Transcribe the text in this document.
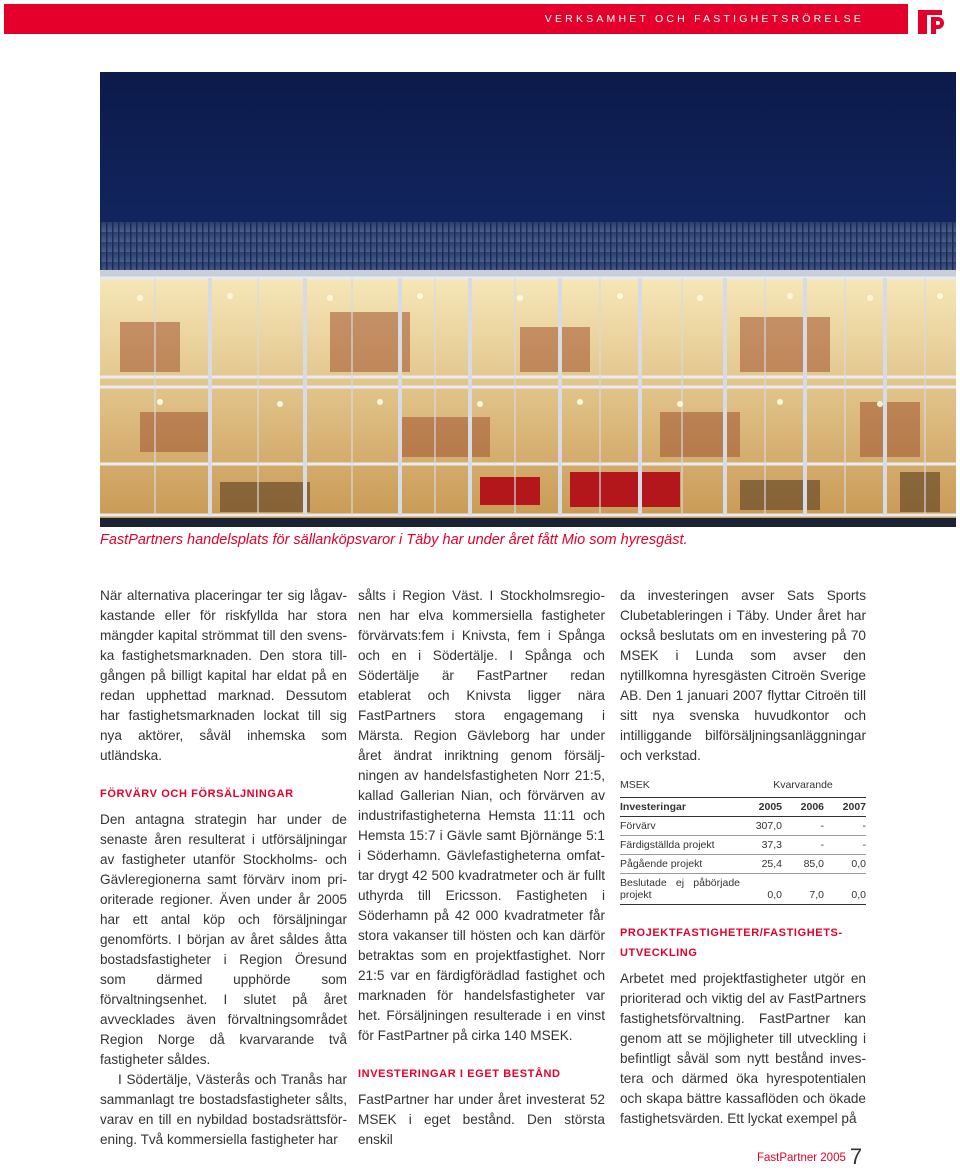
VERKSAMHET OCH FASTIGHETSRÖRELSE
FastPartners handelsplats för sällanköpsvaror i Täby har under året fått Mio som hyresgäst.

När alternativa placeringar ter sig lågavkastande eller för riskfyllda har stora mängder kapital strömmat till den svenska fastighetsmarknaden. Den stora tillgången på billigt kapital har eldat på en redan upphettad marknad. Dessutom har fastighetsmarknaden lockat till sig nya aktörer, såväl inhemska som utländska.

FÖRVÄRV OCH FÖRSÄLJNINGAR

Den antagna strategin har under de senaste åren resulterat i utförsäljningar av fastigheter utanför Stockholms- och Gävleregionerna samt förvärv inom prioriterade regioner. Även under år 2005 har ett antal köp och försäljningar genomförts. I början av året såldes åtta bostadsfastigheter i Region Öresund som därmed upphörde som förvaltningsenhet. I slutet på året avvecklades även förvaltningsområdet Region Norge då kvarvarande två fastigheter såldes.

I Södertälje, Västerås och Tranås har sammanlagt tre bostadsfastigheter sålts, varav en till en nybildad bostadsrättsförening. Två kommersiella fastigheter har

sålts i Region Väst. I Stockholmsregionen har elva kommersiella fastigheter förvärvats:fem i Knivsta, fem i Spånga och en i Södertälje. I Spånga och Södertälje är FastPartner redan etablerat och Knivsta ligger nära FastPartners stora engagemang i Märsta. Region Gävleborg har under året ändrat inriktning genom försäljningen av handelsfastigheten Norr 21:5, kallad Gallerian Nian, och förvärven av industrifastigheterna Hemsta 11:11 och Hemsta 15:7 i Gävle samt Björnänge 5:1 i Söderhamn. Gävlefastigheterna omfattar drygt 42 500 kvadratmeter och är fullt uthyrda till Ericsson. Fastigheten i Söderhamn på 42 000 kvadratmeter får stora vakanser till hösten och kan därför betraktas som en projektfastighet. Norr 21:5 var en färdigförädlad fastighet och marknaden för handelsfastigheter var het. Försäljningen resulterade i en vinst för FastPartner på cirka 140 MSEK.

INVESTERINGAR I EGET BESTÅND

FastPartner har under året investerat 52 MSEK i eget bestånd. Den största enskil

da investeringen avser Sats Sports Clubetableringen i Täby. Under året har också beslutats om en investering på 70 MSEK i Lunda som avser den nytillkomna hyresgästen Citroën Sverige AB. Den 1 januari 2007 flyttar Citroën till sitt nya svenska huvudkontor och intilliggande bilförsäljningsanläggningar och verkstad.

MSEK	Kvarvarande		
Investeringar	2005	2006	2007
Förvärv	307,0	-	-
Färdigställda projekt	37,3	-	-
Pågående projekt	25,4	85,0	0,0
Beslutade ej påbörjade projekt	0,0	7,0	0,0
PROJEKTFASTIGHETER/FASTIGHETSUTVECKLING

Arbetet med projektfastigheter utgör en prioriterad och viktig del av FastPartners fastighetsförvaltning. FastPartner kan genom att se möjligheter till utveckling i befintligt såväl som nytt bestånd investera och därmed öka hyrespotentialen och skapa bättre kassaflöden och ökade fastighetsvärden. Ett lyckat exempel på

FastPartner 2005 7
